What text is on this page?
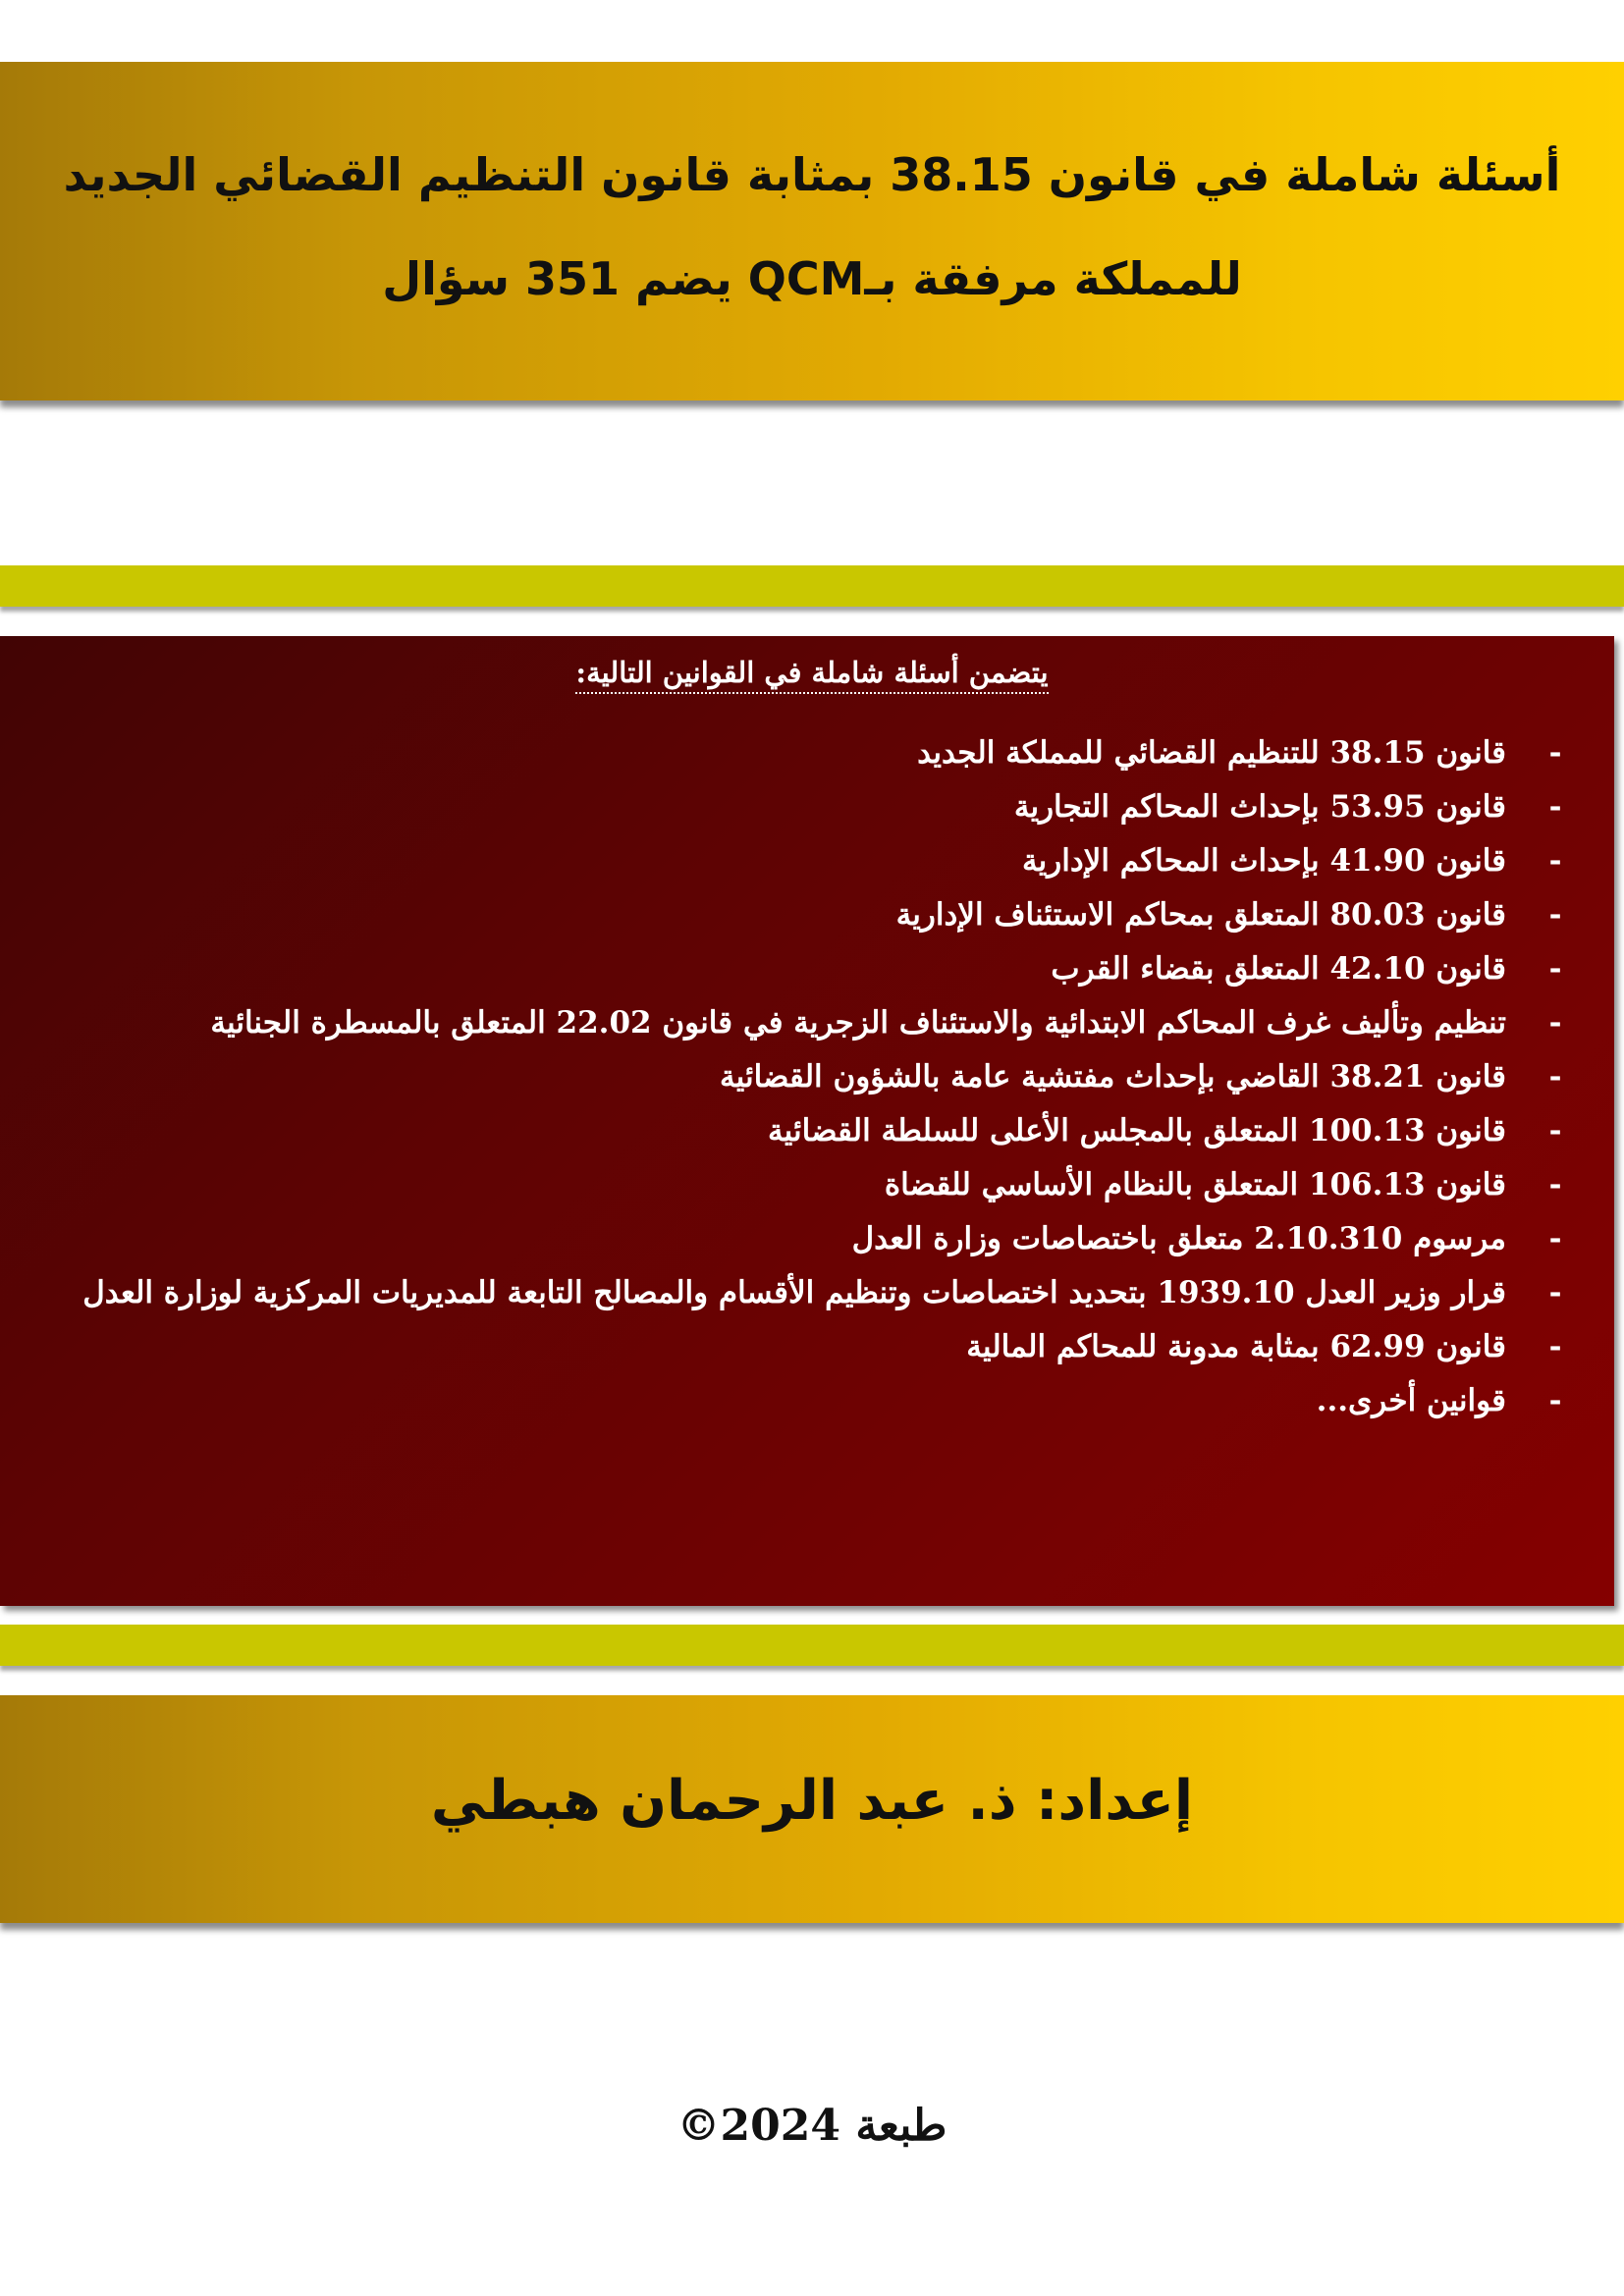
أسئلة شاملة في قانون 38.15 بمثابة قانون التنظيم القضائي الجديد
للمملكة مرفقة بـQCM يضم 351 سؤال
يتضمن أسئلة شاملة في القوانين التالية:
-
قانون 38.15 للتنظيم القضائي للمملكة الجديد
-
قانون 53.95 بإحداث المحاكم التجارية
-
قانون 41.90 بإحداث المحاكم الإدارية
-
قانون 80.03 المتعلق بمحاكم الاستئناف الإدارية
-
قانون 42.10 المتعلق بقضاء القرب
-
تنظيم وتأليف غرف المحاكم الابتدائية والاستئناف الزجرية في قانون 22.02 المتعلق بالمسطرة الجنائية
-
قانون 38.21 القاضي بإحداث مفتشية عامة بالشؤون القضائية
-
قانون 100.13 المتعلق بالمجلس الأعلى للسلطة القضائية
-
قانون 106.13 المتعلق بالنظام الأساسي للقضاة
-
مرسوم 2.10.310 متعلق باختصاصات وزارة العدل
-
قرار وزير العدل 1939.10 بتحديد اختصاصات وتنظيم الأقسام والمصالح التابعة للمديريات المركزية لوزارة العدل
-
قانون 62.99 بمثابة مدونة للمحاكم المالية
-
قوانين أخرى...
إعداد: ذ. عبد الرحمان هبطي
طبعة 2024©
